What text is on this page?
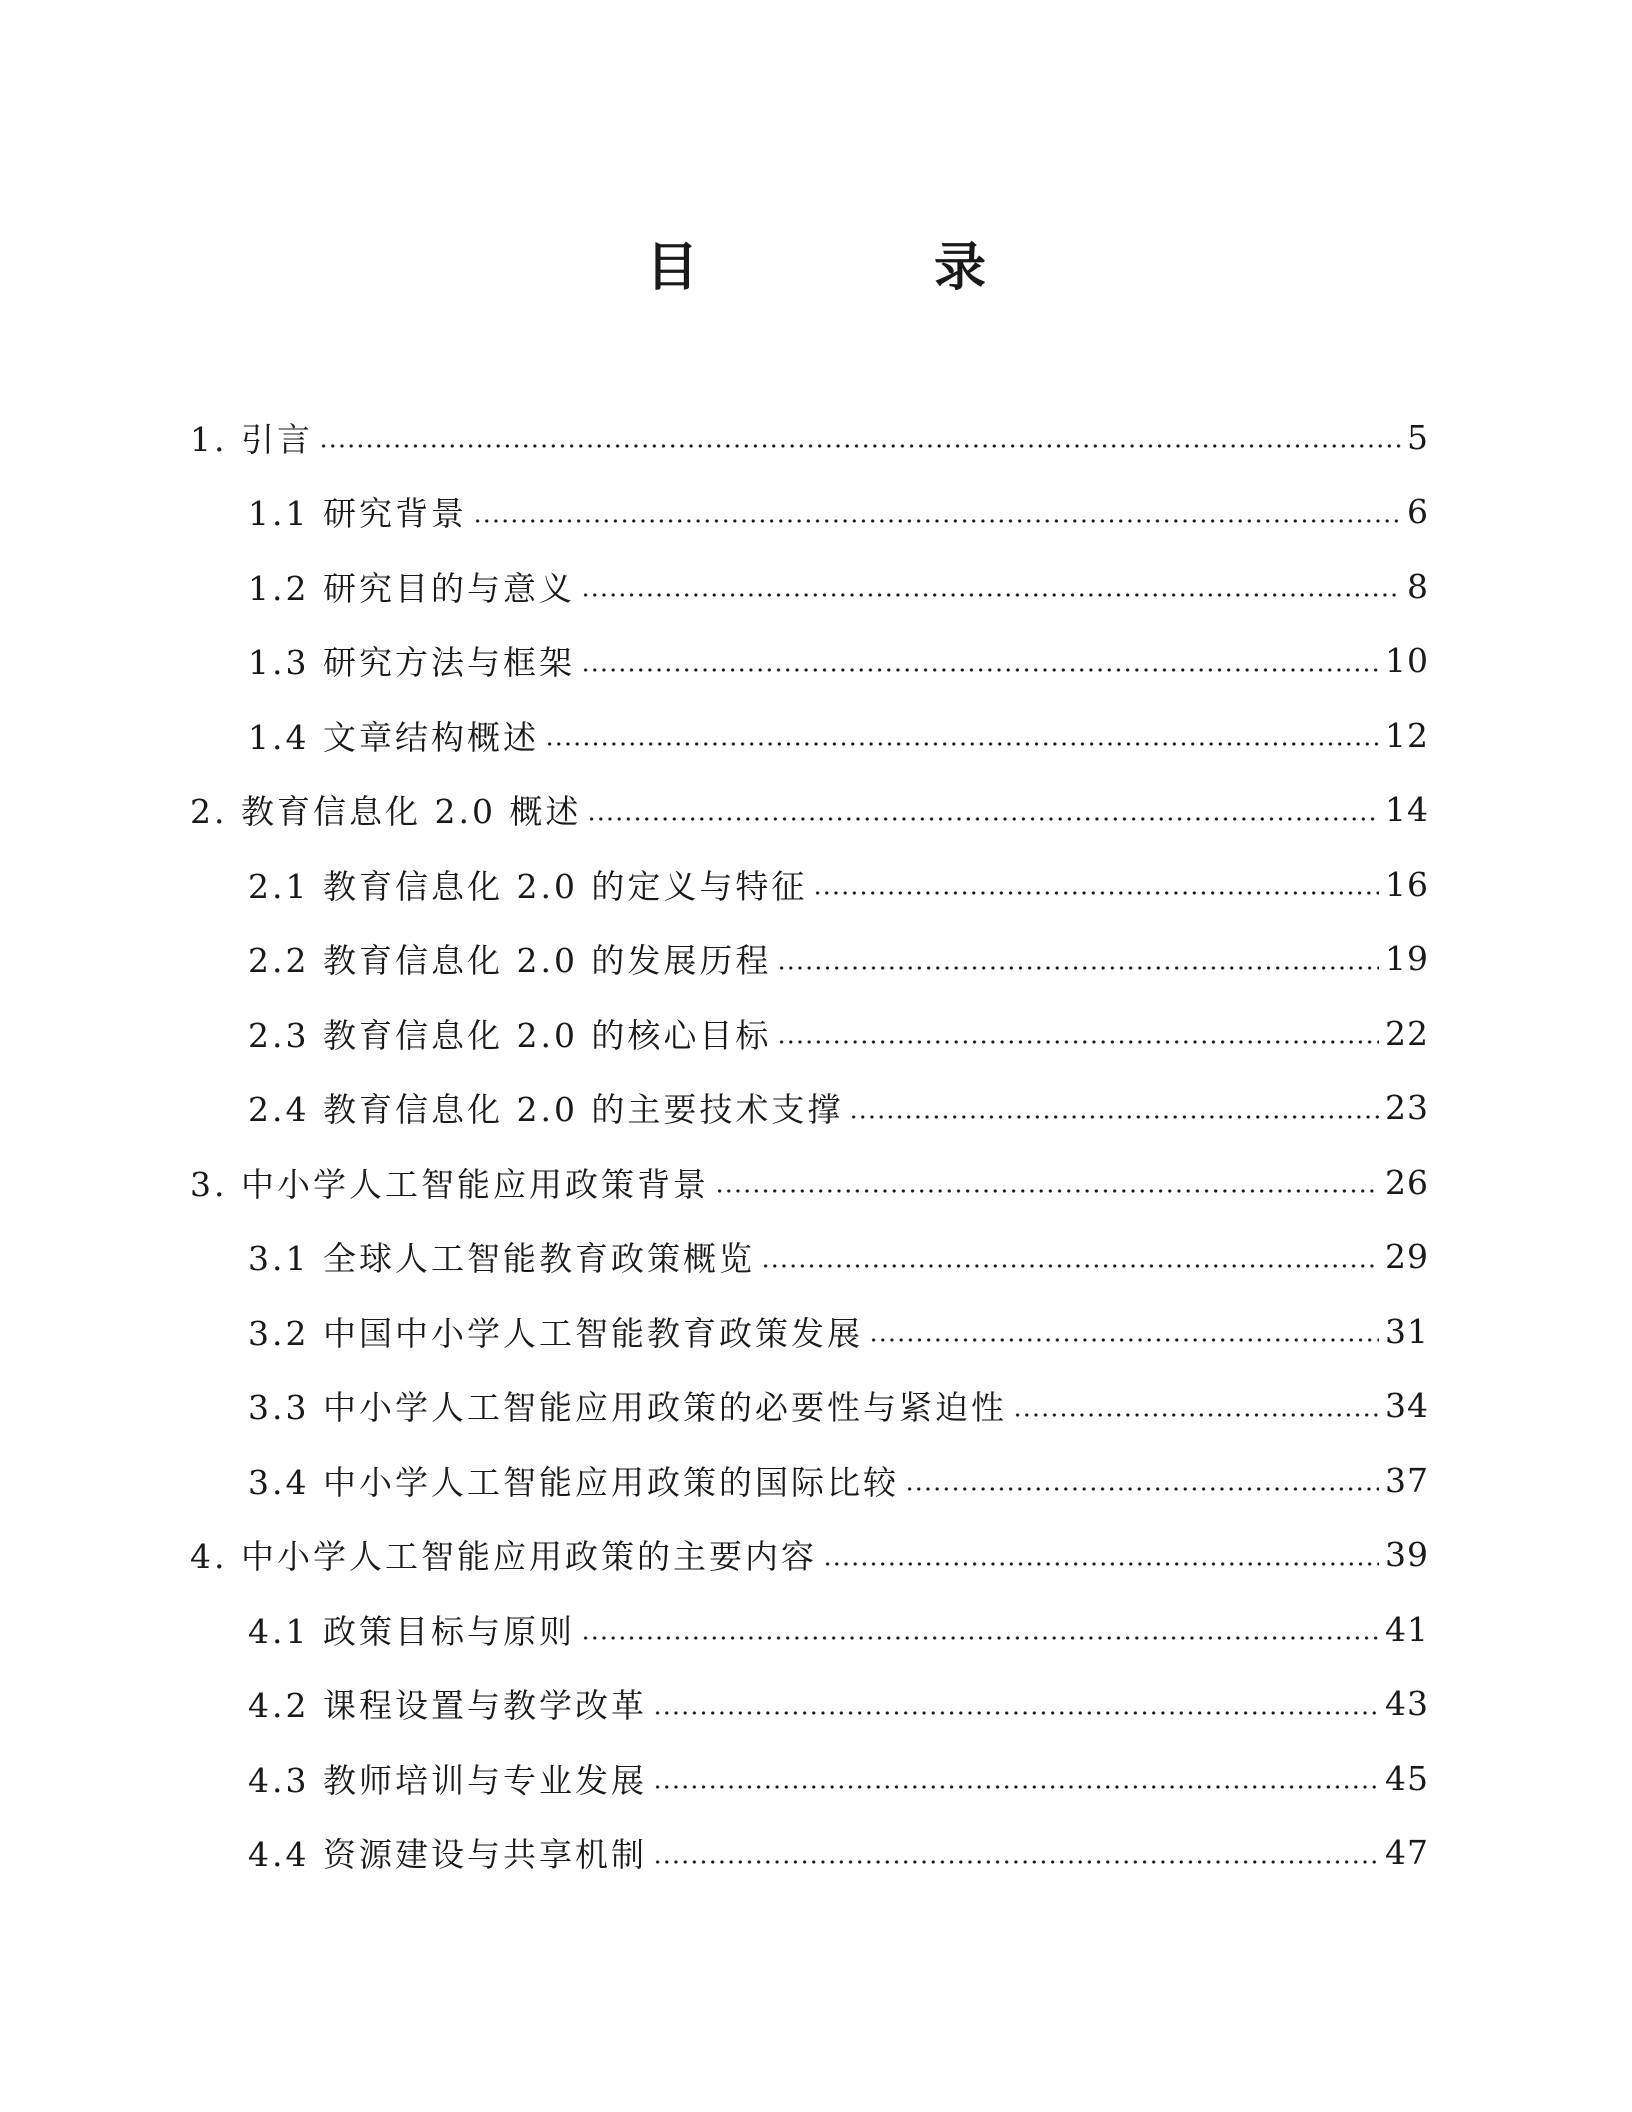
目　录
1. 引言	5
1.1 研究背景	6
1.2 研究目的与意义	8
1.3 研究方法与框架	10
1.4 文章结构概述	12
2. 教育信息化 2.0 概述	14
2.1 教育信息化 2.0 的定义与特征	16
2.2 教育信息化 2.0 的发展历程	19
2.3 教育信息化 2.0 的核心目标	22
2.4 教育信息化 2.0 的主要技术支撑	23
3. 中小学人工智能应用政策背景	26
3.1 全球人工智能教育政策概览	29
3.2 中国中小学人工智能教育政策发展	31
3.3 中小学人工智能应用政策的必要性与紧迫性	34
3.4 中小学人工智能应用政策的国际比较	37
4. 中小学人工智能应用政策的主要内容	39
4.1 政策目标与原则	41
4.2 课程设置与教学改革	43
4.3 教师培训与专业发展	45
4.4 资源建设与共享机制	47
